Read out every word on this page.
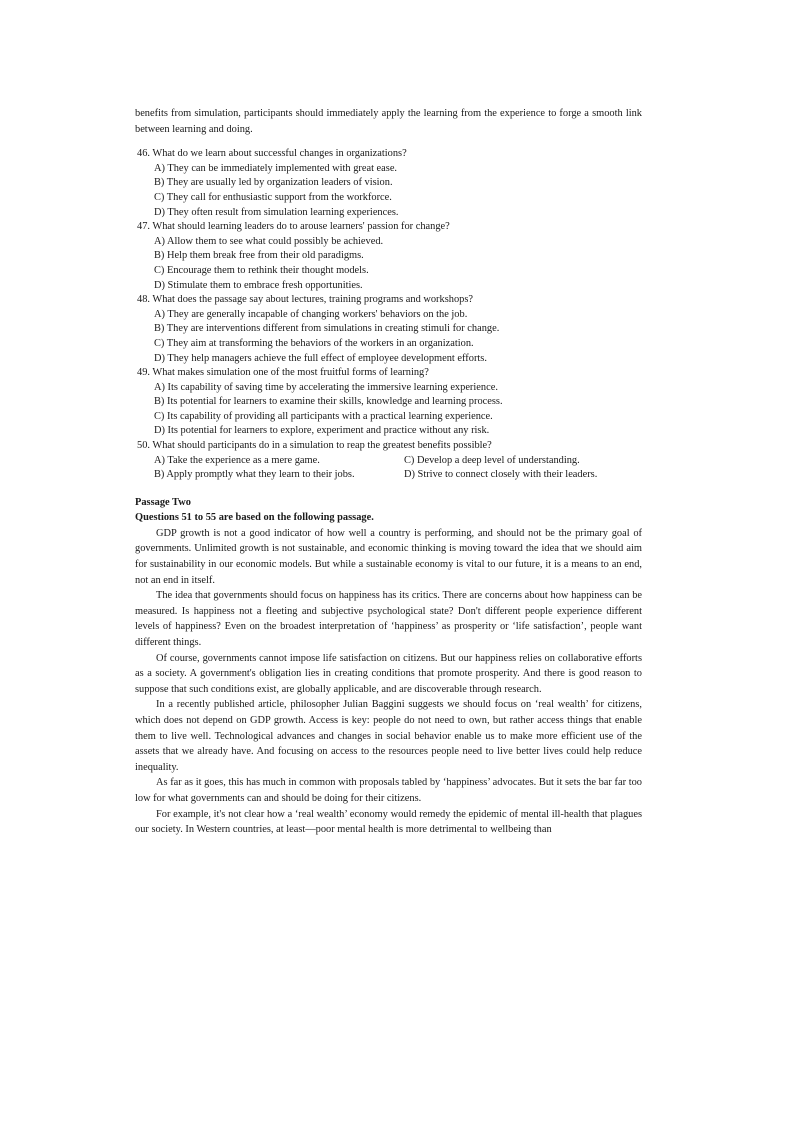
benefits from simulation, participants should immediately apply the learning from the experience to forge a smooth link between learning and doing.

46. What do we learn about successful changes in organizations?
A) They can be immediately implemented with great ease.
B) They are usually led by organization leaders of vision.
C) They call for enthusiastic support from the workforce.
D) They often result from simulation learning experiences.
47. What should learning leaders do to arouse learners' passion for change?
A) Allow them to see what could possibly be achieved.
B) Help them break free from their old paradigms.
C) Encourage them to rethink their thought models.
D) Stimulate them to embrace fresh opportunities.
48. What does the passage say about lectures, training programs and workshops?
A) They are generally incapable of changing workers' behaviors on the job.
B) They are interventions different from simulations in creating stimuli for change.
C) They aim at transforming the behaviors of the workers in an organization.
D) They help managers achieve the full effect of employee development efforts.
49. What makes simulation one of the most fruitful forms of learning?
A) Its capability of saving time by accelerating the immersive learning experience.
B) Its potential for learners to examine their skills, knowledge and learning process.
C) Its capability of providing all participants with a practical learning experience.
D) Its potential for learners to explore, experiment and practice without any risk.
50. What should participants do in a simulation to reap the greatest benefits possible?
A) Take the experience as a mere game.	C) Develop a deep level of understanding.
B) Apply promptly what they learn to their jobs.	D) Strive to connect closely with their leaders.
Passage Two
Questions 51 to 55 are based on the following passage.

GDP growth is not a good indicator of how well a country is performing, and should not be the primary goal of governments. Unlimited growth is not sustainable, and economic thinking is moving toward the idea that we should aim for sustainability in our economic models. But while a sustainable economy is vital to our future, it is a means to an end, not an end in itself.

The idea that governments should focus on happiness has its critics. There are concerns about how happiness can be measured. Is happiness not a fleeting and subjective psychological state? Don't different people experience different levels of happiness? Even on the broadest interpretation of ‘happiness’ as prosperity or ‘life satisfaction’, people want different things.

Of course, governments cannot impose life satisfaction on citizens. But our happiness relies on collaborative efforts as a society. A government's obligation lies in creating conditions that promote prosperity. And there is good reason to suppose that such conditions exist, are globally applicable, and are discoverable through research.

In a recently published article, philosopher Julian Baggini suggests we should focus on ‘real wealth’ for citizens, which does not depend on GDP growth. Access is key: people do not need to own, but rather access things that enable them to live well. Technological advances and changes in social behavior enable us to make more efficient use of the assets that we already have. And focusing on access to the resources people need to live better lives could help reduce inequality.

As far as it goes, this has much in common with proposals tabled by ‘happiness’ advocates. But it sets the bar far too low for what governments can and should be doing for their citizens.

For example, it's not clear how a ‘real wealth’ economy would remedy the epidemic of mental ill-health that plagues our society. In Western countries, at least—poor mental health is more detrimental to wellbeing than
